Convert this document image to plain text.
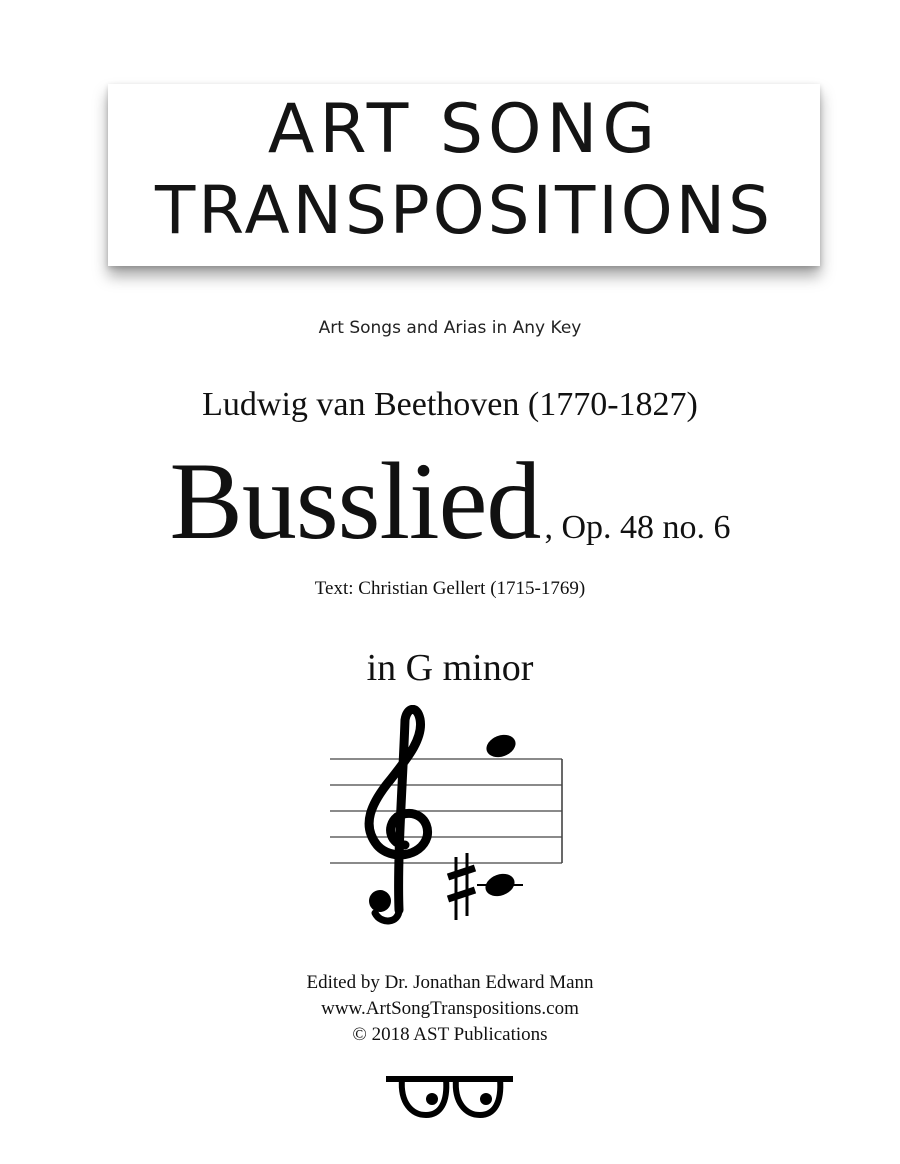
ART SONG
TRANSPOSITIONS
Art Songs and Arias in Any Key
Ludwig van Beethoven (1770-1827)
Busslied , Op. 48 no. 6
Text: Christian Gellert (1715-1769)
in G minor
Edited by Dr. Jonathan Edward Mann
www.ArtSongTranspositions.com
© 2018 AST Publications
